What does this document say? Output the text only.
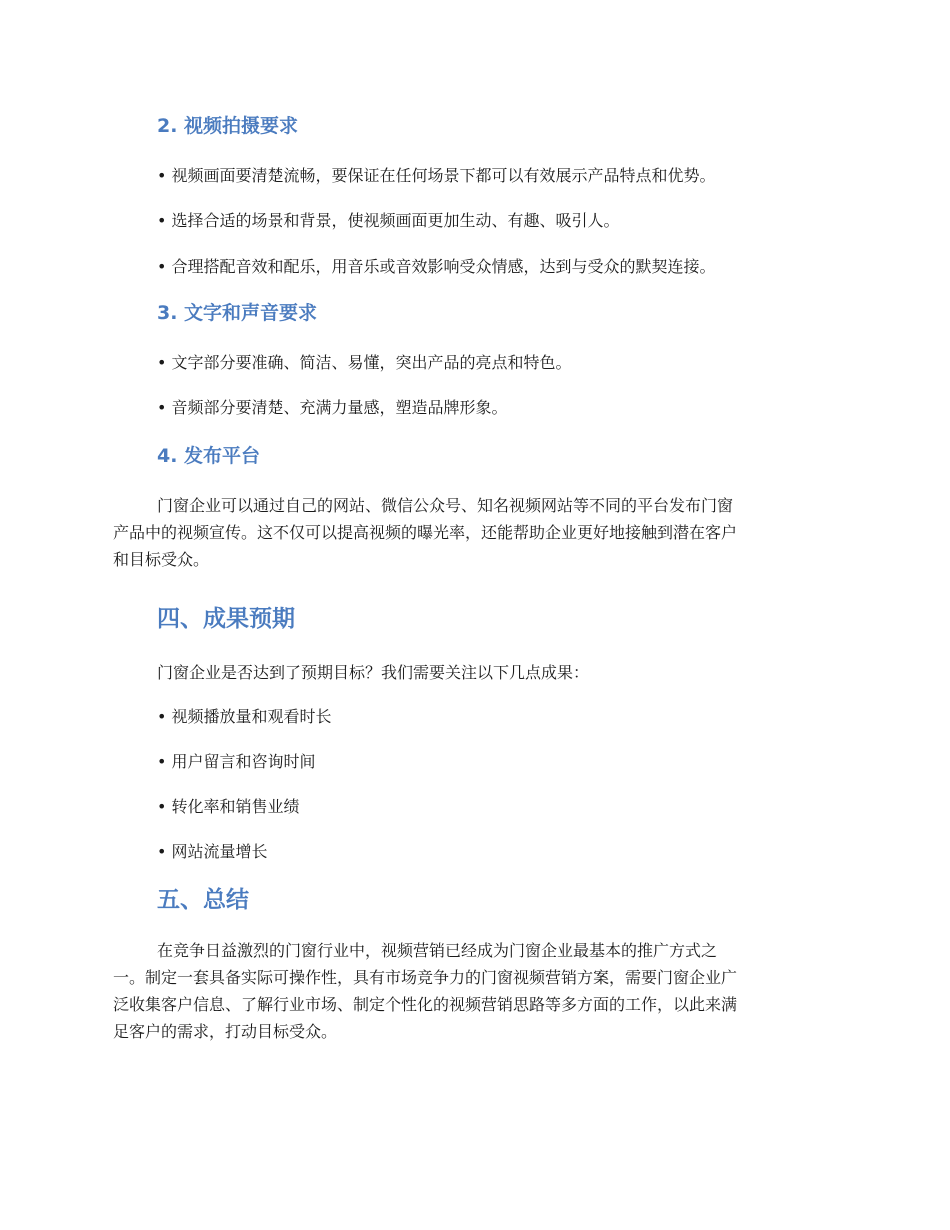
2. 视频拍摄要求
• 视频画面要清楚流畅，要保证在任何场景下都可以有效展示产品特点和优势。
• 选择合适的场景和背景，使视频画面更加生动、有趣、吸引人。
• 合理搭配音效和配乐，用音乐或音效影响受众情感，达到与受众的默契连接。
3. 文字和声音要求
• 文字部分要准确、简洁、易懂，突出产品的亮点和特色。
• 音频部分要清楚、充满力量感，塑造品牌形象。
4. 发布平台
门窗企业可以通过自己的网站、微信公众号、知名视频网站等不同的平台发布门窗
产品中的视频宣传。这不仅可以提高视频的曝光率，还能帮助企业更好地接触到潜在客户
和目标受众。
四、成果预期
门窗企业是否达到了预期目标？我们需要关注以下几点成果：
• 视频播放量和观看时长
• 用户留言和咨询时间
• 转化率和销售业绩
• 网站流量增长
五、总结
在竞争日益激烈的门窗行业中，视频营销已经成为门窗企业最基本的推广方式之
一。制定一套具备实际可操作性，具有市场竞争力的门窗视频营销方案，需要门窗企业广
泛收集客户信息、了解行业市场、制定个性化的视频营销思路等多方面的工作，以此来满
足客户的需求，打动目标受众。
